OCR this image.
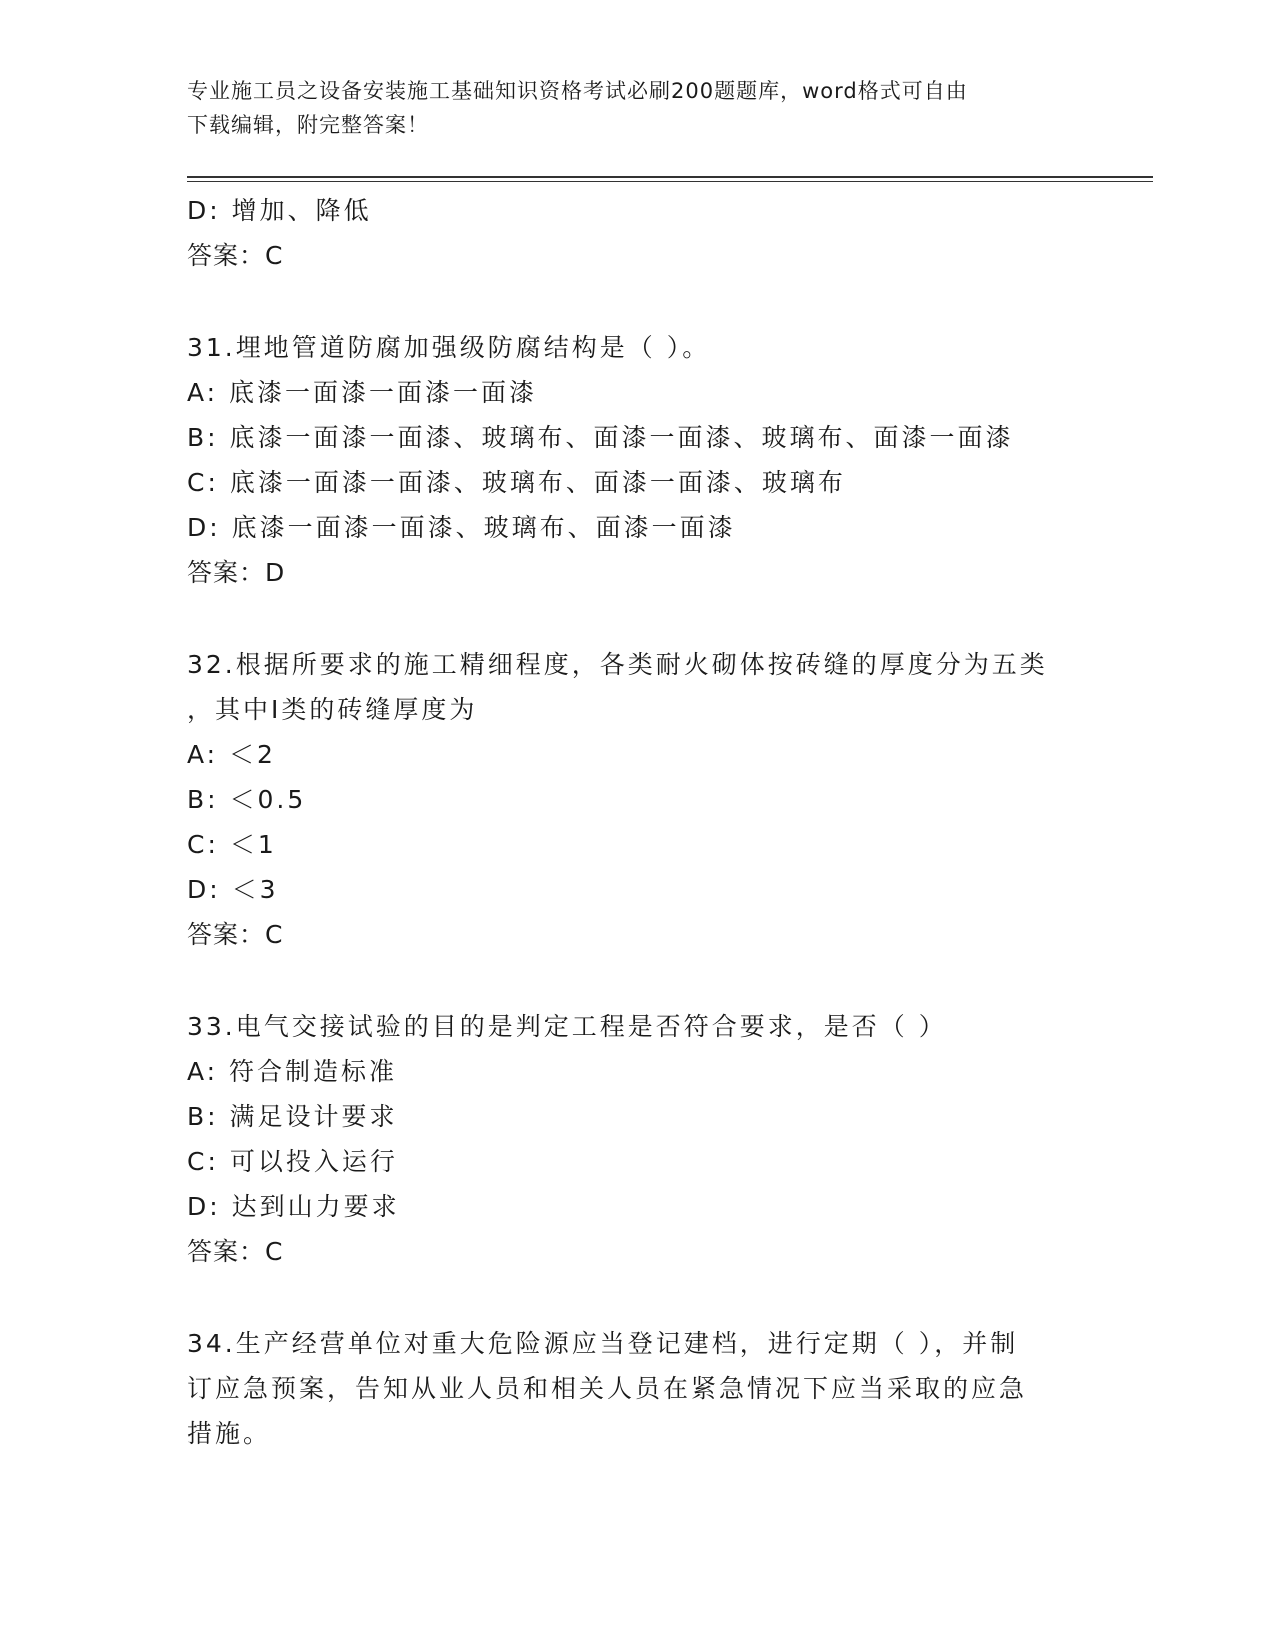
专业施工员之设备安装施工基础知识资格考试必刷200题题库，word格式可自由
下载编辑，附完整答案！
D: 增加、降低
答案：C
31.埋地管道防腐加强级防腐结构是（ ）。
A: 底漆一面漆一面漆一面漆
B: 底漆一面漆一面漆、玻璃布、面漆一面漆、玻璃布、面漆一面漆
C: 底漆一面漆一面漆、玻璃布、面漆一面漆、玻璃布
D: 底漆一面漆一面漆、玻璃布、面漆一面漆
答案：D
32.根据所要求的施工精细程度，各类耐火砌体按砖缝的厚度分为五类
，其中Ⅰ类的砖缝厚度为
A: ＜2
B: ＜0.5
C: ＜1
D: ＜3
答案：C
33.电气交接试验的目的是判定工程是否符合要求，是否（ ）
A: 符合制造标准
B: 满足设计要求
C: 可以投入运行
D: 达到山力要求
答案：C
34.生产经营单位对重大危险源应当登记建档，进行定期（ ），并制
订应急预案，告知从业人员和相关人员在紧急情况下应当采取的应急
措施。
